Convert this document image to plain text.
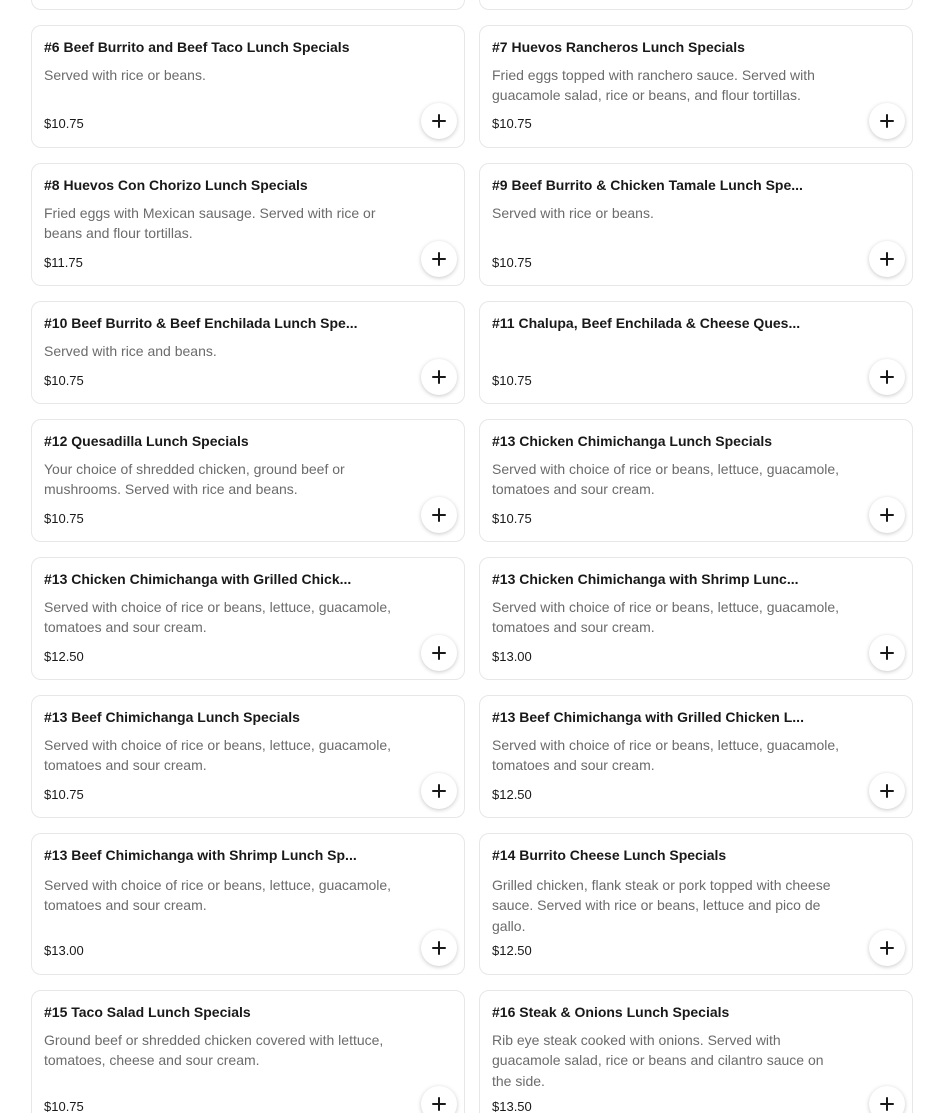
#6 Beef Burrito and Beef Taco Lunch Specials
Served with rice or beans.
$10.75
#7 Huevos Rancheros Lunch Specials
Fried eggs topped with ranchero sauce. Served with guacamole salad, rice or beans, and flour tortillas.
$10.75
#8 Huevos Con Chorizo Lunch Specials
Fried eggs with Mexican sausage. Served with rice or beans and flour tortillas.
$11.75
#9 Beef Burrito & Chicken Tamale Lunch Spe...
Served with rice or beans.
$10.75
#10 Beef Burrito & Beef Enchilada Lunch Spe...
Served with rice and beans.
$10.75
#11 Chalupa, Beef Enchilada & Cheese Ques...
$10.75
#12 Quesadilla Lunch Specials
Your choice of shredded chicken, ground beef or mushrooms. Served with rice and beans.
$10.75
#13 Chicken Chimichanga Lunch Specials
Served with choice of rice or beans, lettuce, guacamole, tomatoes and sour cream.
$10.75
#13 Chicken Chimichanga with Grilled Chick...
Served with choice of rice or beans, lettuce, guacamole, tomatoes and sour cream.
$12.50
#13 Chicken Chimichanga with Shrimp Lunc...
Served with choice of rice or beans, lettuce, guacamole, tomatoes and sour cream.
$13.00
#13 Beef Chimichanga Lunch Specials
Served with choice of rice or beans, lettuce, guacamole, tomatoes and sour cream.
$10.75
#13 Beef Chimichanga with Grilled Chicken L...
Served with choice of rice or beans, lettuce, guacamole, tomatoes and sour cream.
$12.50
#13 Beef Chimichanga with Shrimp Lunch Sp...
Served with choice of rice or beans, lettuce, guacamole, tomatoes and sour cream.
$13.00
#14 Burrito Cheese Lunch Specials
Grilled chicken, flank steak or pork topped with cheese sauce. Served with rice or beans, lettuce and pico de gallo.
$12.50
#15 Taco Salad Lunch Specials
Ground beef or shredded chicken covered with lettuce, tomatoes, cheese and sour cream.
$10.75
#16 Steak & Onions Lunch Specials
Rib eye steak cooked with onions. Served with guacamole salad, rice or beans and cilantro sauce on the side.
$13.50
